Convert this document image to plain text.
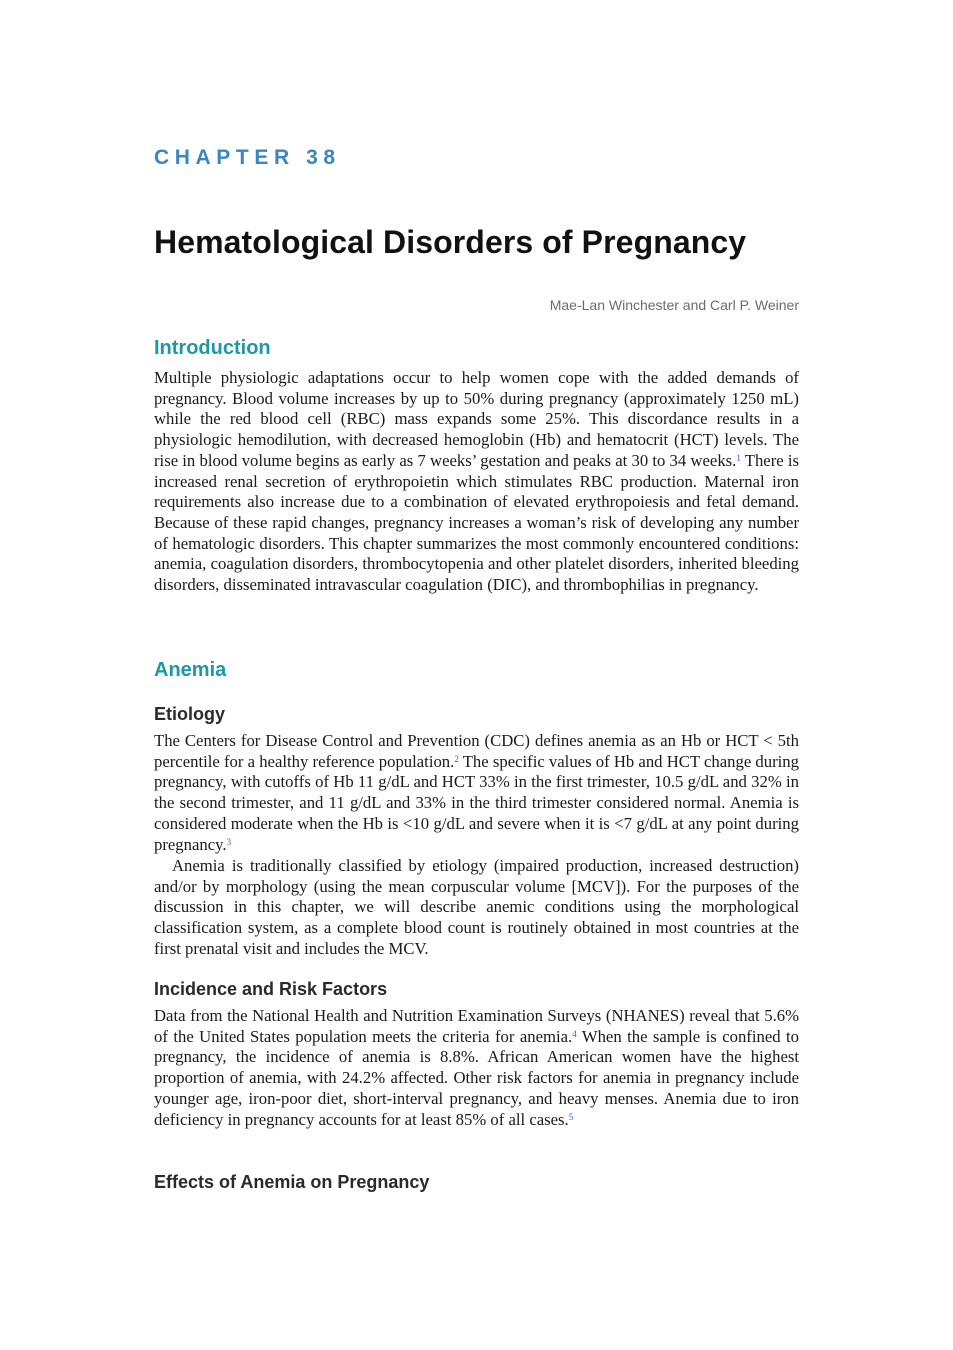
CHAPTER 38
Hematological Disorders of Pregnancy
Mae-Lan Winchester and Carl P. Weiner
Introduction

Multiple physiologic adaptations occur to help women cope with the added demands of pregnancy. Blood volume increases by up to 50% during pregnancy (approximately 1250 mL) while the red blood cell (RBC) mass expands some 25%. This discordance results in a physiologic hemodilution, with decreased hemoglobin (Hb) and hematocrit (HCT) levels. The rise in blood volume begins as early as 7 weeks’ gestation and peaks at 30 to 34 weeks.$^1$ There is increased renal secretion of erythropoietin which stimulates RBC production. Maternal iron requirements also increase due to a combination of elevated erythropoiesis and fetal demand. Because of these rapid changes, pregnancy increases a woman’s risk of developing any number of hematologic disorders. This chapter summarizes the most commonly encountered conditions: anemia, coagulation disorders, thrombocytopenia and other platelet disorders, inherited bleeding disorders, disseminated intravascular coagulation (DIC), and thrombophilias in pregnancy.

Anemia
Etiology

The Centers for Disease Control and Prevention (CDC) defines anemia as an Hb or HCT < 5th percentile for a healthy reference population.$^2$ The specific values of Hb and HCT change during pregnancy, with cutoffs of Hb 11 g/dL and HCT 33% in the first trimester, 10.5 g/dL and 32% in the second trimester, and 11 g/dL and 33% in the third trimester considered normal. Anemia is considered moderate when the Hb is <10 g/dL and severe when it is <7 g/dL at any point during pregnancy.$^3$

Anemia is traditionally classified by etiology (impaired production, increased destruction) and/or by morphology (using the mean corpuscular volume [MCV]). For the purposes of the discussion in this chapter, we will describe anemic conditions using the morphological classification system, as a complete blood count is routinely obtained in most countries at the first prenatal visit and includes the MCV.

Incidence and Risk Factors

Data from the National Health and Nutrition Examination Surveys (NHANES) reveal that 5.6% of the United States population meets the criteria for anemia.$^4$ When the sample is confined to pregnancy, the incidence of anemia is 8.8%. African American women have the highest proportion of anemia, with 24.2% affected. Other risk factors for anemia in pregnancy include younger age, iron-poor diet, short-interval pregnancy, and heavy menses. Anemia due to iron deficiency in pregnancy accounts for at least 85% of all cases.$^5$

Effects of Anemia on Pregnancy
